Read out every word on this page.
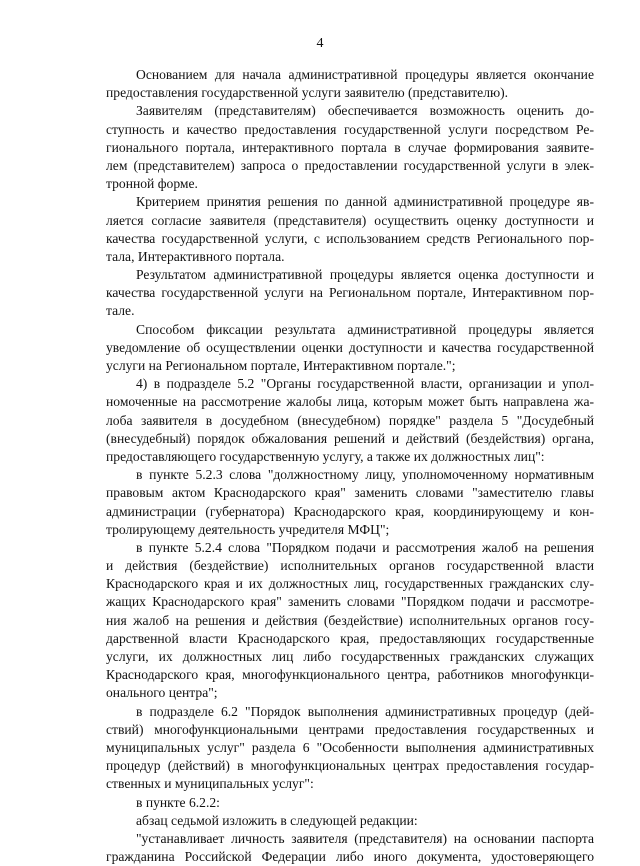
4
Основанием для начала административной процедуры является окончание
предоставления государственной услуги заявителю (представителю).
Заявителям (представителям) обеспечивается возможность оценить до-
ступность и качество предоставления государственной услуги посредством Ре-
гионального портала, интерактивного портала в случае формирования заявите-
лем (представителем) запроса о предоставлении государственной услуги в элек-
тронной форме.
Критерием принятия решения по данной административной процедуре яв-
ляется согласие заявителя (представителя) осуществить оценку доступности и
качества государственной услуги, с использованием средств Регионального пор-
тала, Интерактивного портала.
Результатом административной процедуры является оценка доступности и
качества государственной услуги на Региональном портале, Интерактивном пор-
тале.
Способом фиксации результата административной процедуры является
уведомление об осуществлении оценки доступности и качества государственной
услуги на Региональном портале, Интерактивном портале.";
4) в подразделе 5.2 "Органы государственной власти, организации и упол-
номоченные на рассмотрение жалобы лица, которым может быть направлена жа-
лоба заявителя в досудебном (внесудебном) порядке" раздела 5 "Досудебный
(внесудебный) порядок обжалования решений и действий (бездействия) органа,
предоставляющего государственную услугу, а также их должностных лиц":
в пункте 5.2.3 слова "должностному лицу, уполномоченному нормативным
правовым актом Краснодарского края" заменить словами "заместителю главы
администрации (губернатора) Краснодарского края, координирующему и кон-
тролирующему деятельность учредителя МФЦ";
в пункте 5.2.4 слова "Порядком подачи и рассмотрения жалоб на решения
и действия (бездействие) исполнительных органов государственной власти
Краснодарского края и их должностных лиц, государственных гражданских слу-
жащих Краснодарского края" заменить словами "Порядком подачи и рассмотре-
ния жалоб на решения и действия (бездействие) исполнительных органов госу-
дарственной власти Краснодарского края, предоставляющих государственные
услуги, их должностных лиц либо государственных гражданских служащих
Краснодарского края, многофункционального центра, работников многофункци-
онального центра";
в подразделе 6.2 "Порядок выполнения административных процедур (дей-
ствий) многофункциональными центрами предоставления государственных и
муниципальных услуг" раздела 6 "Особенности выполнения административных
процедур (действий) в многофункциональных центрах предоставления государ-
ственных и муниципальных услуг":
в пункте 6.2.2:
абзац седьмой изложить в следующей редакции:
"устанавливает личность заявителя (представителя) на основании паспорта
гражданина Российской Федерации либо иного документа, удостоверяющего
